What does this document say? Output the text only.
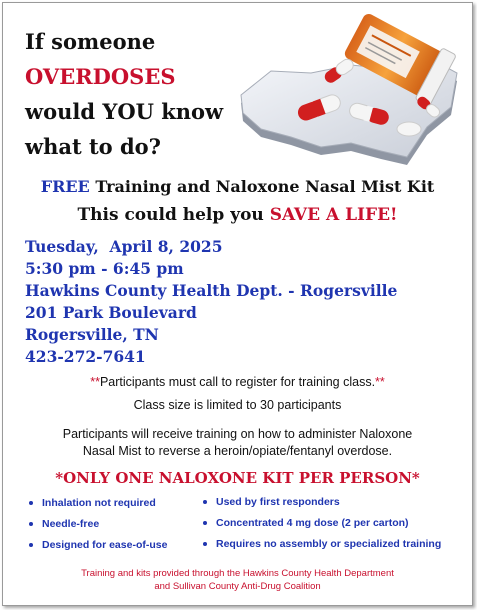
If someone
OVERDOSES
would YOU know
what to do?
FREE Training and Naloxone Nasal Mist Kit
This could help you SAVE A LIFE!
Tuesday,  April 8, 2025
5:30 pm - 6:45 pm
Hawkins County Health Dept. - Rogersville
201 Park Boulevard
Rogersville, TN
423-272-7641
**Participants must call to register for training class.**
Class size is limited to 30 participants
Participants will receive training on how to administer Naloxone
Nasal Mist to reverse a heroin/opiate/fentanyl overdose.
*ONLY ONE NALOXONE KIT PER PERSON*
Inhalation not required
Needle-free
Designed for ease-of-use
Used by first responders
Concentrated 4 mg dose (2 per carton)
Requires no assembly or specialized training
Training and kits provided through the Hawkins County Health Department
and Sullivan County Anti-Drug Coalition
